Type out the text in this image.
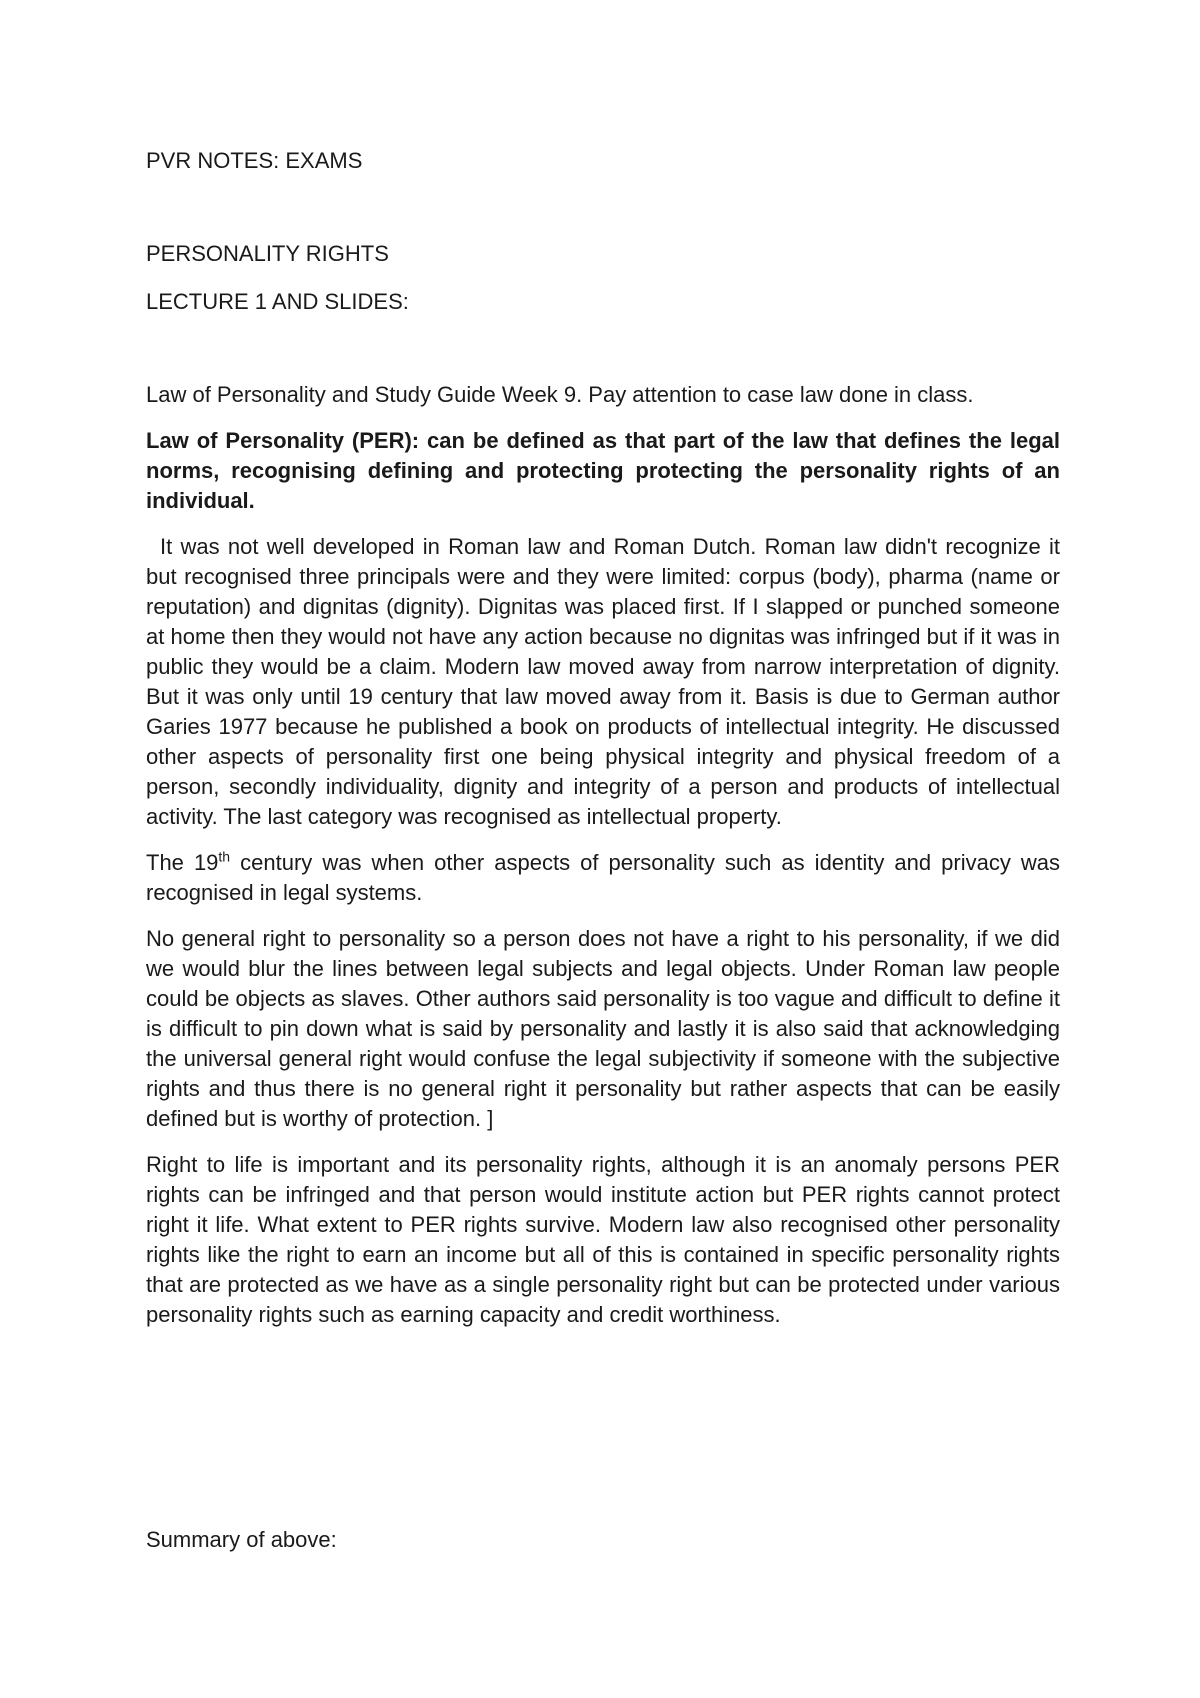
PVR NOTES: EXAMS
PERSONALITY RIGHTS
LECTURE 1 AND SLIDES:

Law of Personality and Study Guide Week 9. Pay attention to case law done in class.

Law of Personality (PER): can be defined as that part of the law that defines the legal norms, recognising defining and protecting protecting the personality rights of an individual.

It was not well developed in Roman law and Roman Dutch. Roman law didn't recognize it but recognised three principals were and they were limited: corpus (body), pharma (name or reputation) and dignitas (dignity). Dignitas was placed first. If I slapped or punched someone at home then they would not have any action because no dignitas was infringed but if it was in public they would be a claim. Modern law moved away from narrow interpretation of dignity. But it was only until 19 century that law moved away from it. Basis is due to German author Garies 1977 because he published a book on products of intellectual integrity. He discussed other aspects of personality first one being physical integrity and physical freedom of a person, secondly individuality, dignity and integrity of a person and products of intellectual activity. The last category was recognised as intellectual property.

The 19th century was when other aspects of personality such as identity and privacy was recognised in legal systems.

No general right to personality so a person does not have a right to his personality, if we did we would blur the lines between legal subjects and legal objects. Under Roman law people could be objects as slaves. Other authors said personality is too vague and difficult to define it is difficult to pin down what is said by personality and lastly it is also said that acknowledging the universal general right would confuse the legal subjectivity if someone with the subjective rights and thus there is no general right it personality but rather aspects that can be easily defined but is worthy of protection. ]

Right to life is important and its personality rights, although it is an anomaly persons PER rights can be infringed and that person would institute action but PER rights cannot protect right it life. What extent to PER rights survive. Modern law also recognised other personality rights like the right to earn an income but all of this is contained in specific personality rights that are protected as we have as a single personality right but can be protected under various personality rights such as earning capacity and credit worthiness.

Summary of above:
